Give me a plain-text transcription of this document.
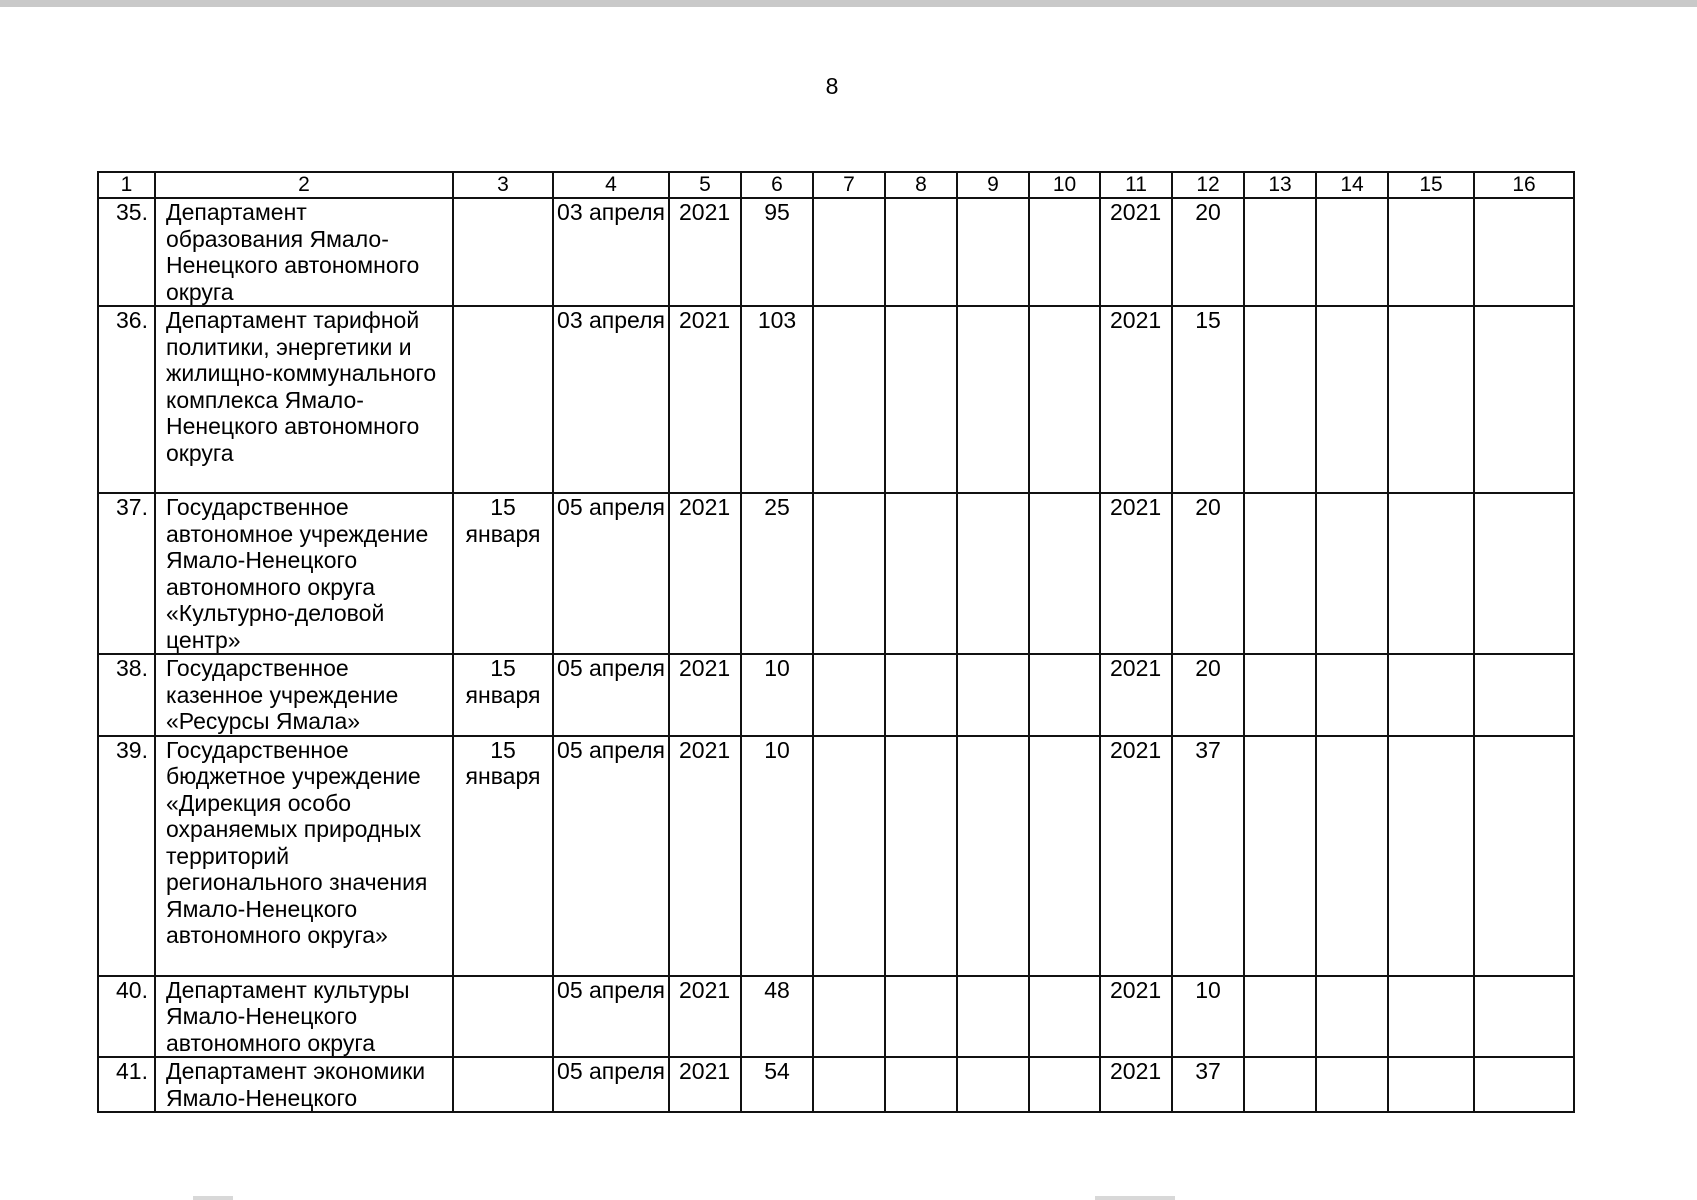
8
1	2	3	4	5	6	7	8	9	10	11	12	13	14	15	16
35.	Департамент образования Ямало-Ненецкого автономного округа		03 апреля	2021	95					2021	20				
36.	Департамент тарифной политики, энергетики и жилищно-коммунального комплекса Ямало-Ненецкого автономного округа		03 апреля	2021	103					2021	15				
37.	Государственное автономное учреждение Ямало-Ненецкого автономного округа «Культурно-деловой центр»	15 января	05 апреля	2021	25					2021	20				
38.	Государственное казенное учреждение «Ресурсы Ямала»	15 января	05 апреля	2021	10					2021	20				
39.	Государственное бюджетное учреждение «Дирекция особо охраняемых природных территорий регионального значения Ямало-Ненецкого автономного округа»	15 января	05 апреля	2021	10					2021	37				
40.	Департамент культуры Ямало-Ненецкого автономного округа		05 апреля	2021	48					2021	10				
41.	Департамент экономики Ямало-Ненецкого		05 апреля	2021	54					2021	37				
